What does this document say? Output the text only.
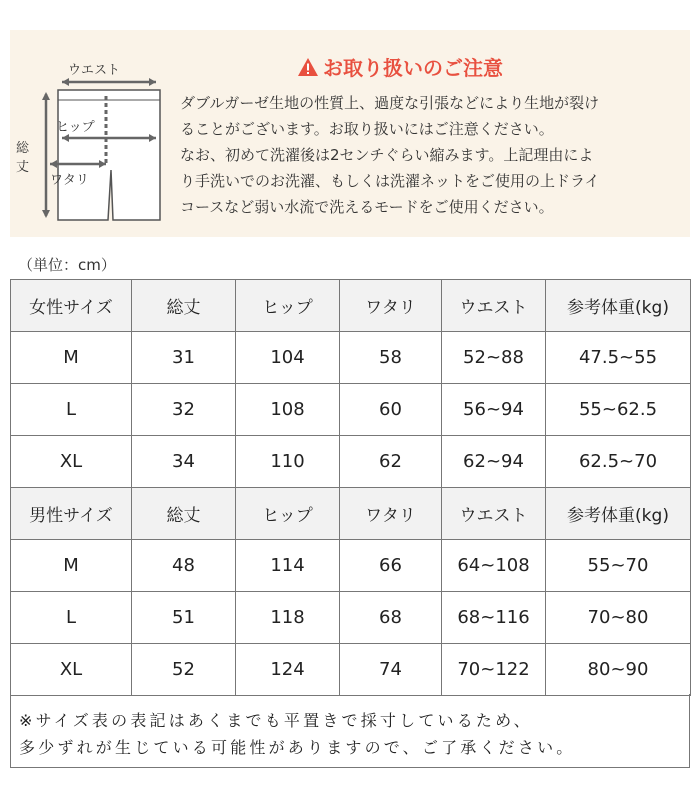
ウエスト
ヒップ
ワタリ
総
丈
お取り扱いのご注意
ダブルガーゼ生地の性質上、過度な引張などにより生地が裂け
ることがございます。お取り扱いにはご注意ください。
なお、初めて洗濯後は2センチぐらい縮みます。上記理由によ
り手洗いでのお洗濯、もしくは洗濯ネットをご使用の上ドライ
コースなど弱い水流で洗えるモードをご使用ください。
（単位：cm）
女性サイズ	総丈	ヒップ	ワタリ	ウエスト	参考体重(kg)
M	31	104	58	52~88	47.5~55
L	32	108	60	56~94	55~62.5
XL	34	110	62	62~94	62.5~70
男性サイズ	総丈	ヒップ	ワタリ	ウエスト	参考体重(kg)
M	48	114	66	64~108	55~70
L	51	118	68	68~116	70~80
XL	52	124	74	70~122	80~90
※サイズ表の表記はあくまでも平置きで採寸しているため、
多少ずれが生じている可能性がありますので、ご了承ください。
